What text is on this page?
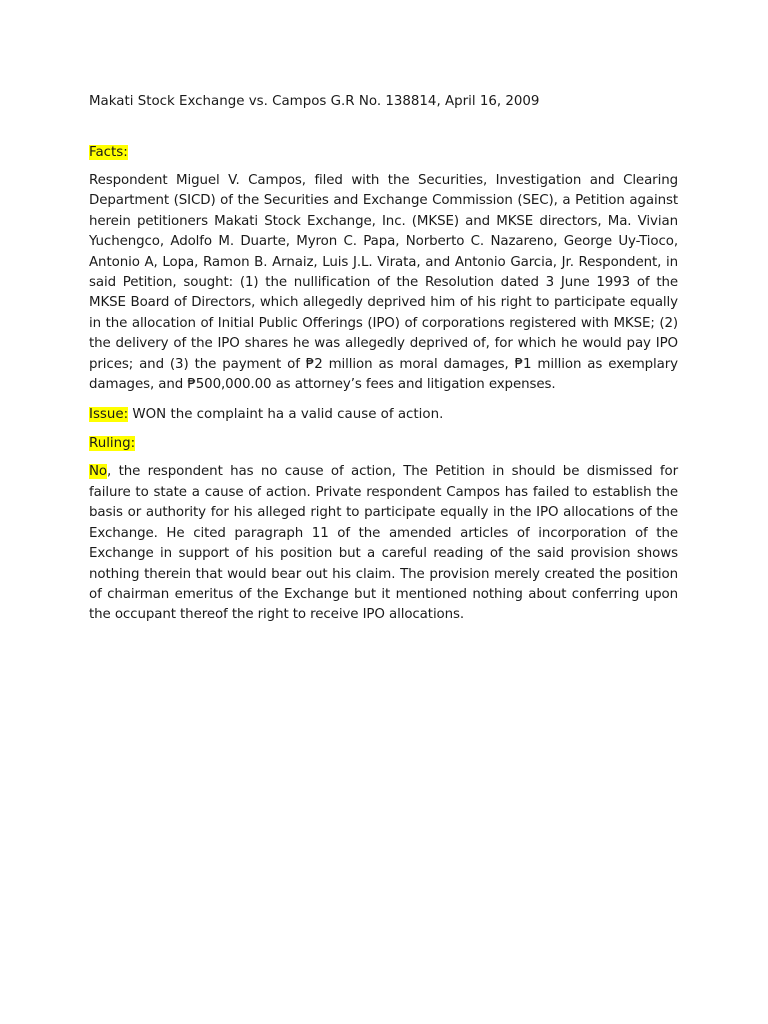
Makati Stock Exchange vs. Campos G.R No. 138814, April 16, 2009

Facts:

Respondent Miguel V. Campos, filed with the Securities, Investigation and Clearing Department (SICD) of the Securities and Exchange Commission (SEC), a Petition against herein petitioners Makati Stock Exchange, Inc. (MKSE) and MKSE directors, Ma. Vivian Yuchengco, Adolfo M. Duarte, Myron C. Papa, Norberto C. Nazareno, George Uy-Tioco, Antonio A, Lopa, Ramon B. Arnaiz, Luis J.L. Virata, and Antonio Garcia, Jr. Respondent, in said Petition, sought: (1) the nullification of the Resolution dated 3 June 1993 of the MKSE Board of Directors, which allegedly deprived him of his right to participate equally in the allocation of Initial Public Offerings (IPO) of corporations registered with MKSE; (2) the delivery of the IPO shares he was allegedly deprived of, for which he would pay IPO prices; and (3) the payment of ₱2 million as moral damages, ₱1 million as exemplary damages, and ₱500,000.00 as attorney’s fees and litigation expenses.

Issue: WON the complaint ha a valid cause of action.

Ruling:

No, the respondent has no cause of action, The Petition in should be dismissed for failure to state a cause of action. Private respondent Campos has failed to establish the basis or authority for his alleged right to participate equally in the IPO allocations of the Exchange. He cited paragraph 11 of the amended articles of incorporation of the Exchange in support of his position but a careful reading of the said provision shows nothing therein that would bear out his claim. The provision merely created the position of chairman emeritus of the Exchange but it mentioned nothing about conferring upon the occupant thereof the right to receive IPO allocations.
